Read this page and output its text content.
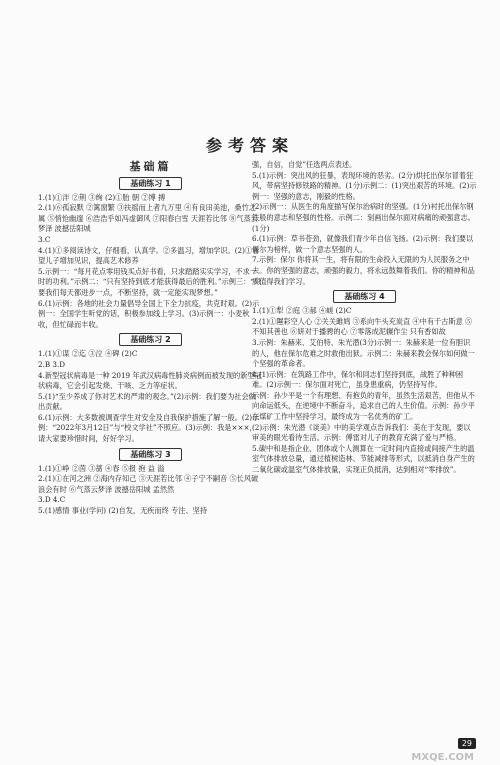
参考答案
基础篇
基础练习 1

1.(1)①泮 ②荆 ③绚 (2)①胎 朝 ②博 搏

2.(1)⑥孤寂默 ②篱窗繁 ③扶摇而上者九万里 ④有良田美池，桑竹之属 ⑤悄怆幽邃 ⑥浩浩乎如冯虚御风 ⑦阳春白雪 天涯若比邻 ⑧气蒸云梦泽 波撼岳阳城

3.C

4.(1)①多阅读诗文，仔细看，认真学。②多温习，增加学识。(2)①看望儿子增加见识，提高艺术修养

5.示例一：“每月花点零用钱买点好书看，只求踏踏实实学习，不求一时的功利。”示例二：“只有坚持到底才能获得最后的胜利。”示例三：“只要我们每天都进步一点，不断坚持，就一定能实现梦想。”

6.(1)示例：各地的社会力量倡导全国上下全力抗疫，共克时艰。(2)示例一：全国学生听党的话，积极参加线上学习。(3)示例一：小麦秋收，但忙碌而丰收。

基础练习 2

1.(1)①谋 ②迄 ③泣 ④碑 (2)C

2.B 3.D

4.新型冠状病毒是一种 2019 年武汉病毒性肺炎病例而被发现的新型冠状病毒，它会引起发烧、干咳、乏力等症状。

5.(1)“至少养成了你对艺术的严肃的观念。”(2)示例：我们要为社会做出贡献。

6.(1)示例：大多数被调查学生对安全及自我保护措施了解一般。(2)示例：“2022年3月12日”与“校文学社”不照应。(3)示例：我是×××，请大家要珍惜时间，好好学习。

基础练习 3

1.(1)①峥 ②茵 ③蔷 ④春 ⑤报 抱 益 溢

2.(1)①在河之洲 ②海内存知己 ③天涯若比邻 ④子宁不嗣音 ⑤长风破浪会有时 ⑥气蒸云梦泽 波撼岳阳城 孟然然

3.D 4.C

5.(1)感情 事业(学问) (2)自发，无疾而终 专注、坚持

强，自信，自觉”任选两点表述。

5.(1)示例：突出风的狂暴，表现环境的恶劣。(2分)烘托出保尔冒着狂风，带病坚持修铁路的精神。(1分)示例二：(1)突出艰苦的环境。(2)示例一：坚强的意志，刚毅的性格。

(2)示例一：从医生的角度描写保尔治病时的坚强。(1分)衬托出保尔钢铁般的意志和坚强的性格。示例二：刻画出保尔面对病痛的顽强意志。(1分)

6.(1)示例：草书苍劲，就像我们青少年自信飞扬。(2)示例：我们要以保尔为榜样，做一个意志坚强的人。

7.示例：保尔 你将其一生，将有限的生命投入无限的为人民服务之中去。你的坚强的意志，顽强的毅力，将永远鼓舞着我们。你的精神和品质值得我们学习。

基础练习 4

1.(1)①犁 ②庭 ③郝 ④嵯 (2)C

2.(1)①隰彩空人心 ②关关雎鸠 ③系向牛头充炭直 ④中有千古斯意 ⑤不知其善也 ⑥妍对于播骋的心 ⑦零落成泥辗作尘 只有香如故

3.示例：朱赫来、艾伯特、朱光潜(3分)示例一：朱赫来是一位有胆识的人，他在保尔危难之时救他出狱。示例二：朱赫来教会保尔如何做一个坚强的革命者。

4.(1)示例：在筑路工作中，保尔和同志们坚持到底，战胜了种种困难。(2)示例一：保尔面对死亡，虽身患重病，仍坚持写作。

示例：孙少平是一个有理想、有抱负的青年，虽然生活艰苦，但他从不向命运低头，在逆境中不断奋斗，追求自己的人生价值。示例：孙少平在煤矿工作中坚持学习，最终成为一名优秀的矿工。

(2)示例：朱光潜《谈美》中的美学观点告诉我们：美在于发现，要以审美的眼光看待生活。示例：傅雷对儿子的教育充满了爱与严格。

5.碳中和是指企业、团体或个人测算在一定时间内直接或间接产生的温室气体排放总量，通过植树造林、节能减排等形式，以抵消自身产生的二氧化碳或温室气体排放量，实现正负抵消，达到相对“零排放”。

29
MXQE.COM
